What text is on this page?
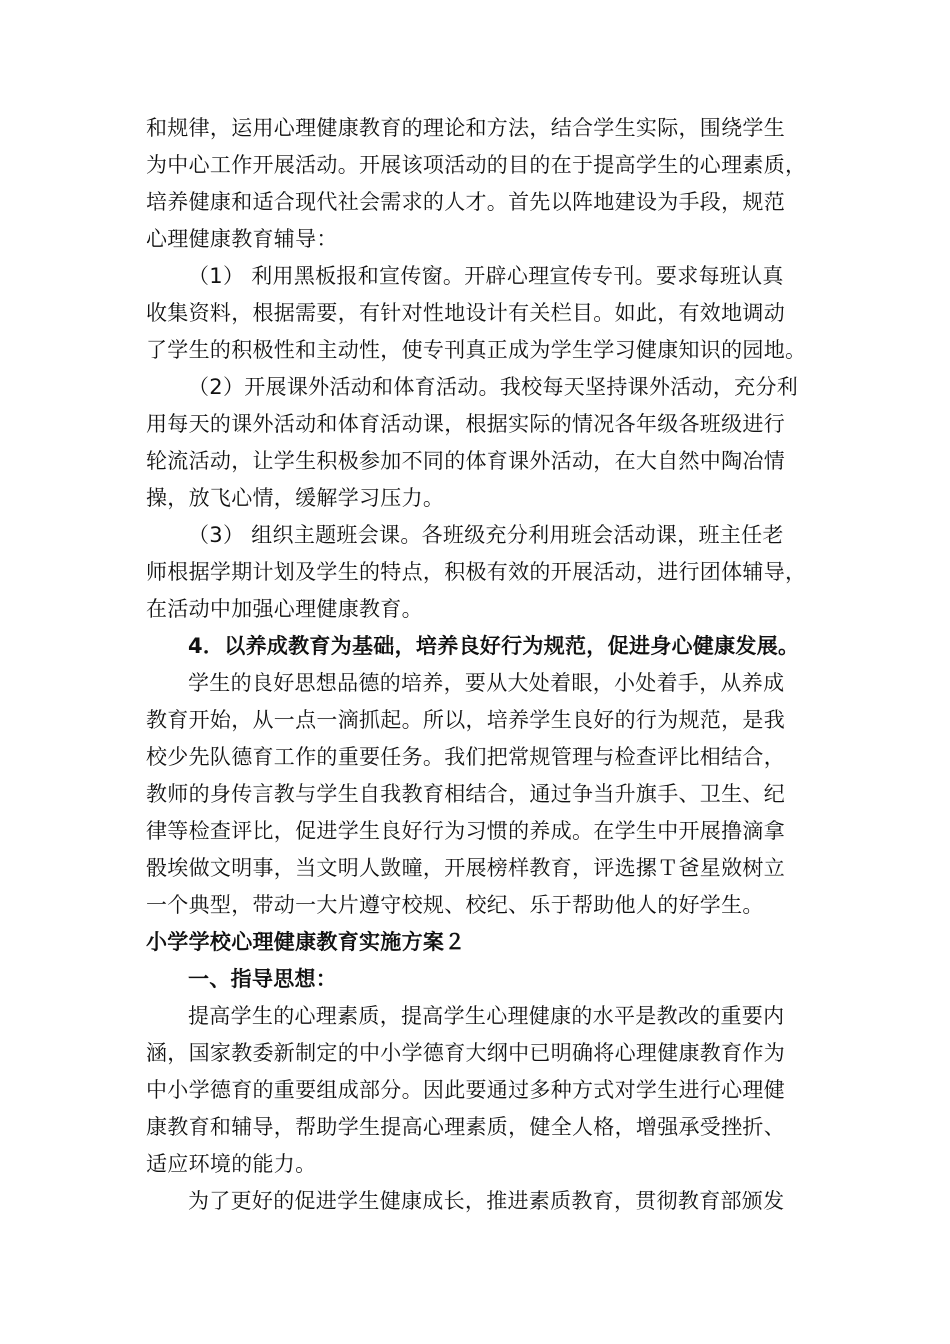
和规律，运用心理健康教育的理论和方法，结合学生实际，围绕学生
为中心工作开展活动。开展该项活动的目的在于提高学生的心理素质，
培养健康和适合现代社会需求的人才。首先以阵地建设为手段，规范
心理健康教育辅导：
（1） 利用黑板报和宣传窗。开辟心理宣传专刊。要求每班认真
收集资料，根据需要，有针对性地设计有关栏目。如此，有效地调动
了学生的积极性和主动性，使专刊真正成为学生学习健康知识的园地。
（2）开展课外活动和体育活动。我校每天坚持课外活动，充分利
用每天的课外活动和体育活动课，根据实际的情况各年级各班级进行
轮流活动，让学生积极参加不同的体育课外活动，在大自然中陶冶情
操，放飞心情，缓解学习压力。
（3） 组织主题班会课。各班级充分利用班会活动课，班主任老
师根据学期计划及学生的特点，积极有效的开展活动，进行团体辅导，
在活动中加强心理健康教育。
4．以养成教育为基础，培养良好行为规范，促进身心健康发展。
学生的良好思想品德的培养，要从大处着眼，小处着手，从养成
教育开始，从一点一滴抓起。所以，培养学生良好的行为规范，是我
校少先队德育工作的重要任务。我们把常规管理与检查评比相结合，
教师的身传言教与学生自我教育相结合，通过争当升旗手、卫生、纪
律等检查评比，促进学生良好行为习惯的养成。在学生中开展撸滴拿
骰埃做文明事，当文明人敳曈，开展榜样教育，评选摞Ｔ爸星敚树立
一个典型，带动一大片遵守校规、校纪、乐于帮助他人的好学生。
小学学校心理健康教育实施方案２
一、指导思想：
提高学生的心理素质，提高学生心理健康的水平是教改的重要内
涵，国家教委新制定的中小学德育大纲中已明确将心理健康教育作为
中小学德育的重要组成部分。因此要通过多种方式对学生进行心理健
康教育和辅导，帮助学生提高心理素质，健全人格，增强承受挫折、
适应环境的能力。
为了更好的促进学生健康成长，推进素质教育，贯彻教育部颁发
